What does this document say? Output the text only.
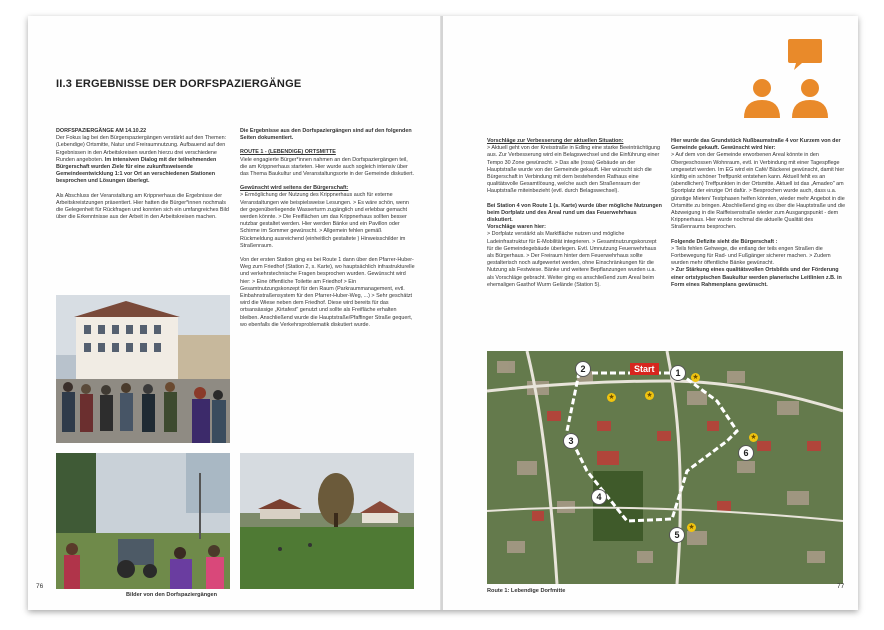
II.3 ERGEBNISSE DER DORFSPAZIERGÄNGE
DORFSPAZIERGÄNGE AM 14.10.22

Der Fokus lag bei den Bürgerspaziergängen verstärkt auf den Themen: (Lebendige) Ortsmitte, Natur und Freiraumnutzung. Aufbauend auf den Ergebnissen in den Arbeitskreisen wurden hierzu drei verschiedene Runden angeboten. Im intensiven Dialog mit der teilnehmenden Bürgerschaft wurden Ziele für eine zukunftsweisende Gemeindeentwicklung 1:1 vor Ort an verschiedenen Stationen besprochen und Lösungen überlegt.

Als Abschluss der Veranstaltung am Krippnerhaus die Ergebnisse der Arbeitskreistzungen präsentiert. Hier hatten die Bürger*innen nochmals die Gelegenheit für Rückfragen und konnten sich ein umfangreiches Bild über die Erkenntnisse aus der Arbeit in den Arbeitskreisen machen.

Die Ergebnisse aus den Dorfspaziergängen sind auf den folgenden Seiten dokumentiert.

ROUTE 1 - (LEBENDIGE) ORTSMITTE

Viele engagierte Bürger*innen nahmen an den Dorfspaziergängen teil, die am Krippnerhaus starteten. Hier wurde auch sogleich intensiv über das Thema Baukultur und Veranstaltungsorte in der Gemeinde diskutiert.

Gewünscht wird seitens der Bürgerschaft:

> Ermöglichung der Nutzung des Krippnerhaus auch für externe Veranstaltungen wie beispielsweise Lesungen. > Es wäre schön, wenn der gegenüberliegende Wasserturm zugänglich und erlebbar gemacht werden könnte. > Die Freiflächen um das Krippnerhaus sollten besser nutzbar gestaltet werden. Hier werden Bänke und ein Pavillon oder Schirme im Sommer gewünscht. > Allgemein fehlen gemäß Rückmeldung ausreichend (einheitlich gestaltete ) Hinweisschilder im Straßenraum.

Von der ersten Station ging es bei Route 1 dann über den Pfarrer-Huber-Weg zum Friedhof (Station 2, s. Karte), wo hauptsächlich infrastrukturelle und verkehrstechnische Fragen besprochen wurden. Gewünscht wird hier: > Eine öffentliche Toilette am Friedhof > Ein Gesamtnutzungskonzept für den Raum (Parkraummanagement, evtl. Einbahnstraßensystem für den Pfarrer-Huber-Weg, ...) > Sehr geschätzt wird die Wiese neben dem Friedhof. Diese wird bereits für das ortsansässige „Kirtafest" genutzt und sollte als Freifläche erhalten bleiben. Anschließend wurde die Hauptstraße/Pfaffinger Straße gequert, wo ebenfalls die Verkehrsproblematik diskutiert wurde.

Bilder von den Dorfspaziergängen
76
Vorschläge zur Verbesserung der aktuellen Situation:

> Aktuell geht von der Kreisstraße in Edling eine starke Beeinträchtigung aus. Zur Verbesserung wird ein Belagswechsel und die Einführung einer Tempo 30 Zone gewünscht. > Das alte (rosa) Gebäude an der Hauptstraße wurde von der Gemeinde gekauft. Hier wünscht sich die Bürgerschaft in Verbindung mit dem bestehenden Rathaus eine qualitätsvolle Gesamtlösung, welche auch den Straßenraum der Hauptstraße miteinbezieht (evtl. durch Belagswechsel).

Bei Station 4 von Route 1 (s. Karte) wurde über mögliche Nutzungen beim Dorfplatz und des Areal rund um das Feuerwehrhaus diskutiert.
Vorschläge waren hier:

> Dorfplatz verstärkt als Marktfläche nutzen und mögliche Ladeinfrastruktur für E-Mobilität integrieren. > Gesamtnutzungskonzept für die Gemeindegebäude überlegen. Evtl. Umnutzung Feuerwehrhaus als Bürgerhaus. > Der Freiraum hinter dem Feuerwehrhaus sollte gestalterisch noch aufgewertet werden, ohne Einschränkungen für die Nutzung als Festwiese. Bänke und weitere Bepflanzungen wurden u.a. als Vorschläge gebracht. Weiter ging es anschließend zum Areal beim ehemaligen Gasthof Wurm Gelände (Station 5).

Hier wurde das Grundstück Nußbaumstraße 4 vor Kurzem von der Gemeinde gekauft. Gewünscht wird hier:

> Auf dem von der Gemeinde erworbenen Areal könnte in den Obergeschossen Wohnraum, evtl. in Verbindung mit einer Tagespflege umgesetzt werden. Im EG wird ein Café/ Bäckerei gewünscht, damit hier künftig ein schöner Treffpunkt entstehen kann. Aktuell fehlt es an (abendlichen) Treffpunkten in der Ortsmitte. Aktuell ist das „Amadeo" am Sportplatz der einzige Ort dafür. > Besprochen wurde auch, dass u.a. günstige Mieten/ Testphasen helfen könnten, wieder mehr Angebot in die Ortsmitte zu bringen. Abschließend ging es über die Hauptstraße und die Abzweigung in die Raiffeisenstraße wieder zum Ausgangspunkt - dem Krippnerhaus. Hier wurde nochmal die aktuelle Qualität des Straßenraums besprochen.

Folgende Defizite sieht die Bürgerschaft :
> Teils fehlen Gehwege, die entlang der teils engen Straßen die Fortbewegung für Rad- und Fußgänger sicherer machen. > Zudem wurden mehr öffentliche Bänke gewünscht.
> Zur Stärkung eines qualitätsvollen Ortsbilds und der Förderung einer ortstypischen Baukultur werden planerische Leitlinien z.B. in Form eines Rahmenplans gewünscht.
Start	1
2
3
4
5
6
★	★
★
★
★
Route 1: Lebendige Dorfmitte
77
